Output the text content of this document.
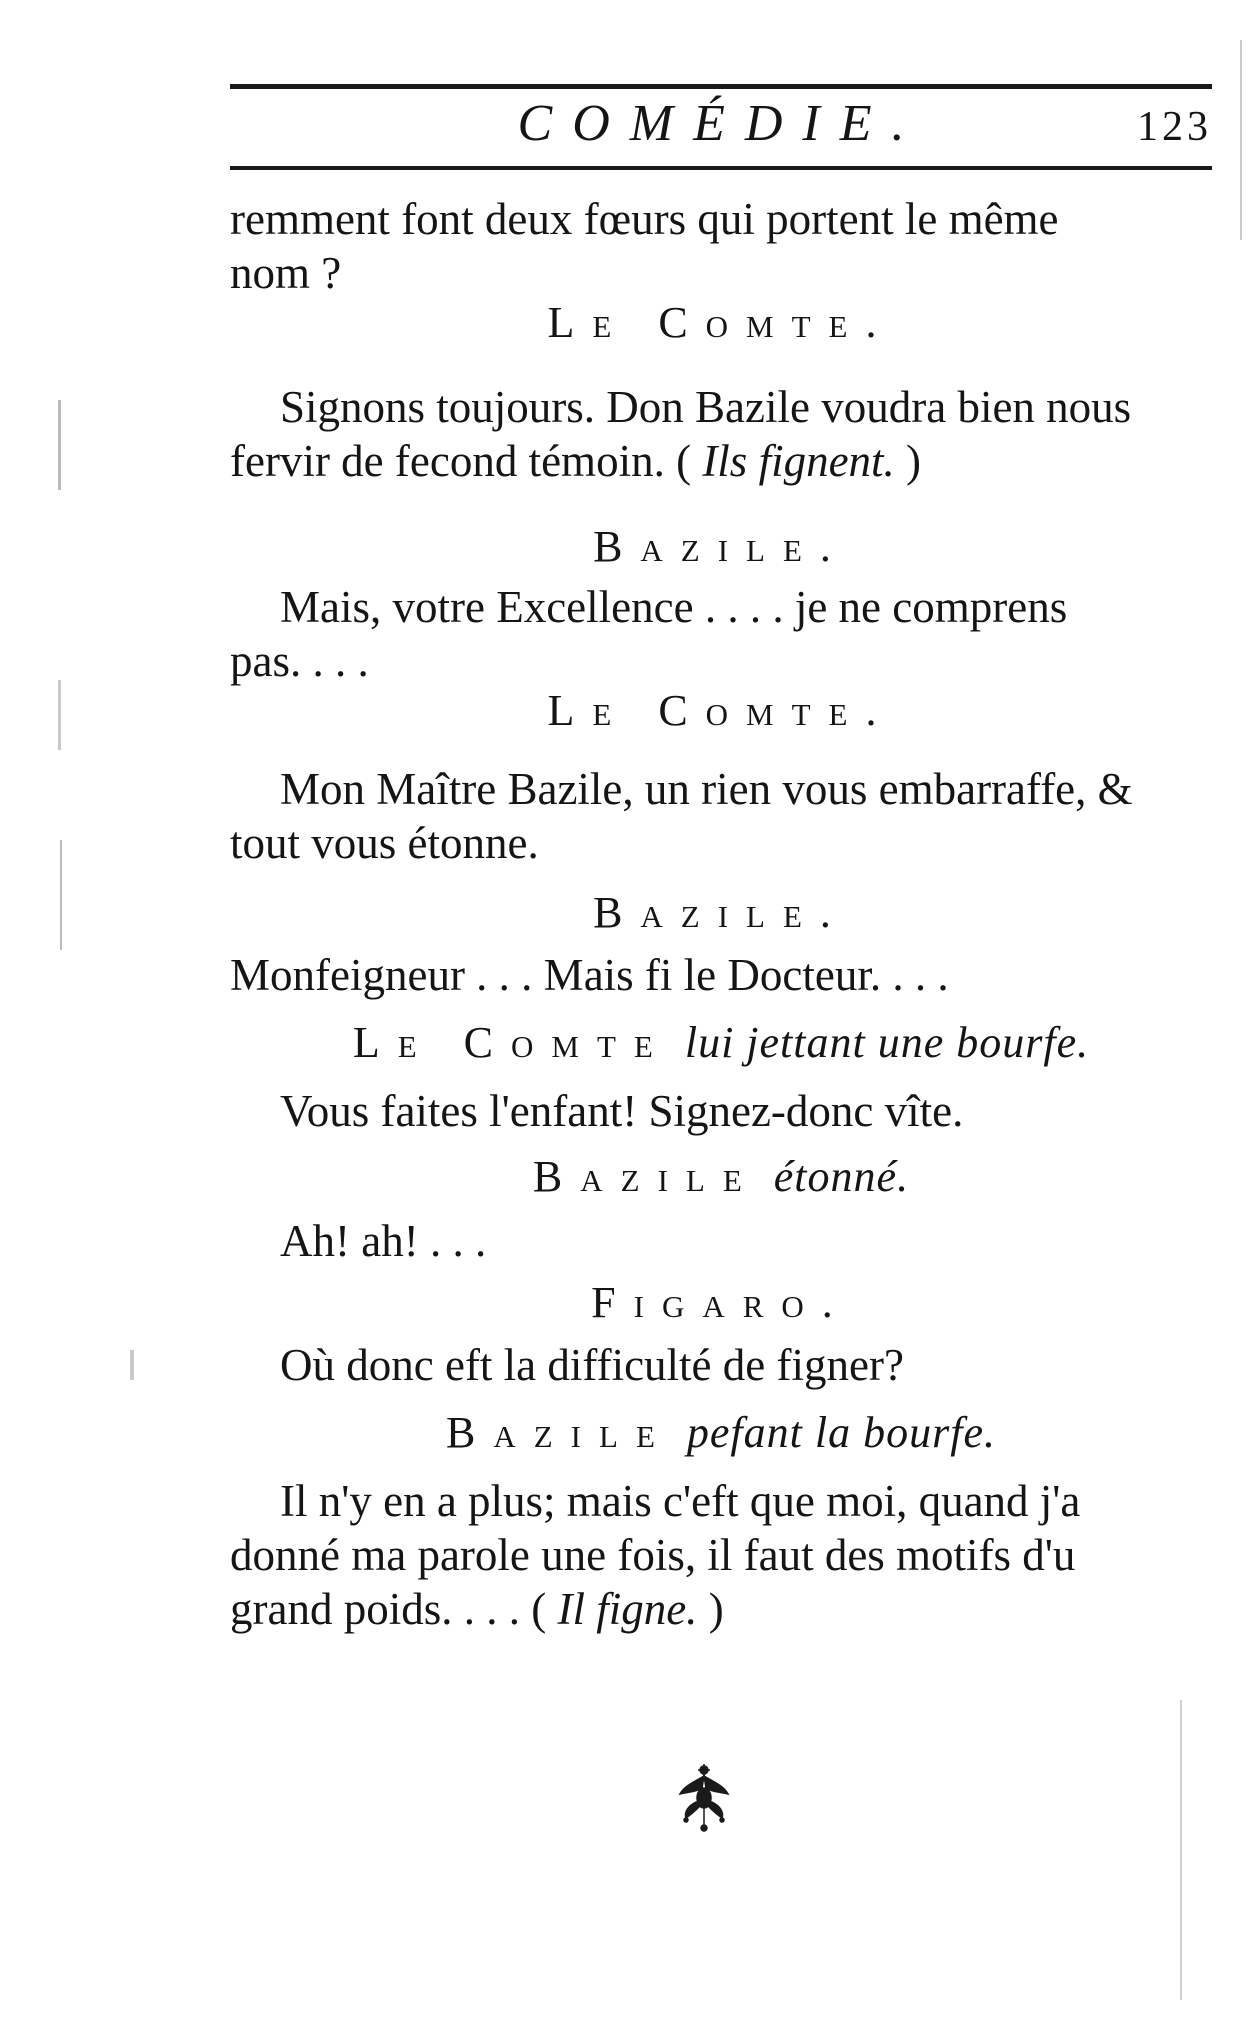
COMÉDIE.	123
remment font deux fœurs qui portent le même
nom ?
Le Comte.
Signons toujours. Don Bazile voudra bien nous
fervir de fecond témoin. ( Ils fignent. )
Bazile.
Mais, votre Excellence . . . . je ne comprens
pas. . . .
Le Comte.
Mon Maître Bazile, un rien vous embarraffe, &
tout vous étonne.
Bazile.
Monfeigneur . . . Mais fi le Docteur. . . .
Le Comte lui jettant une bourfe.
Vous faites l'enfant! Signez-donc vîte.
Bazile étonné.
Ah! ah! . . .
Figaro.
Où donc eft la difficulté de figner?
Bazile pefant la bourfe.
Il n'y en a plus; mais c'eft que moi, quand j'a
donné ma parole une fois, il faut des motifs d'u
grand poids. . . . ( Il figne. )
